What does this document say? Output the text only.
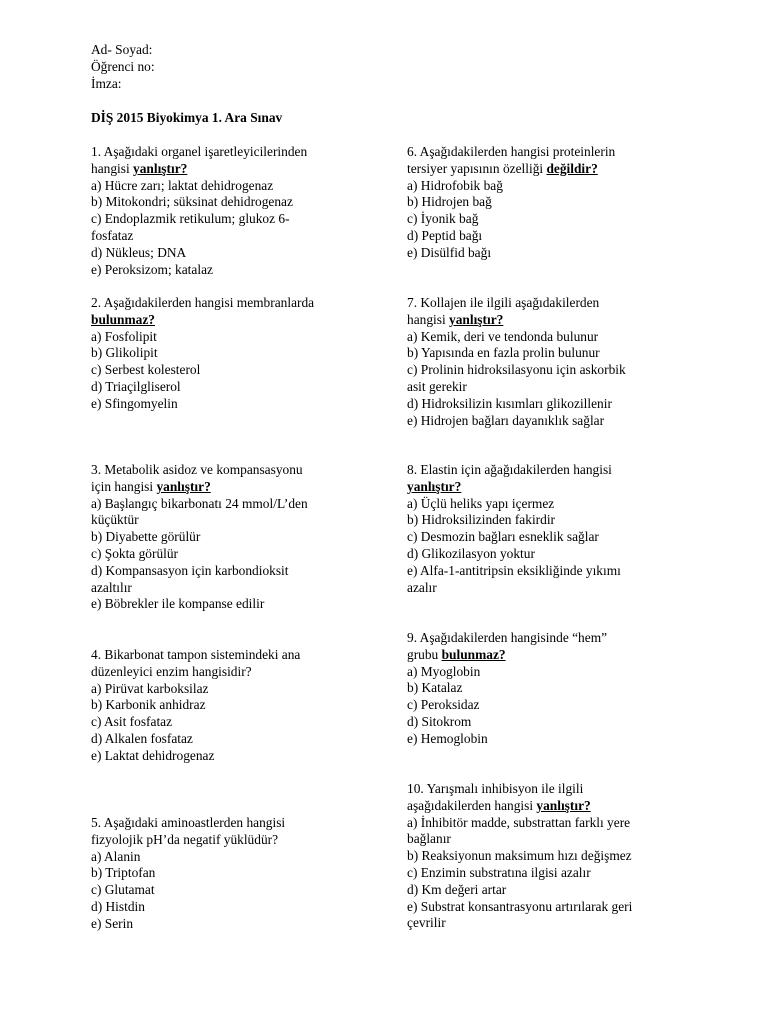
Ad- Soyad:
Öğrenci no:
İmza:
DİŞ 2015 Biyokimya 1. Ara Sınav
1. Aşağıdaki organel işaretleyicilerinden
hangisi yanlıştır?
a) Hücre zarı; laktat dehidrogenaz
b) Mitokondri; süksinat dehidrogenaz
c) Endoplazmik retikulum; glukoz 6-
fosfataz
d) Nükleus; DNA
e) Peroksizom; katalaz
2. Aşağıdakilerden hangisi membranlarda
bulunmaz?
a) Fosfolipit
b) Glikolipit
c) Serbest kolesterol
d) Triaçilgliserol
e) Sfingomyelin
3. Metabolik asidoz ve kompansasyonu
için hangisi yanlıştır?
a) Başlangıç bikarbonatı 24 mmol/L’den
küçüktür
b) Diyabette görülür
c) Şokta görülür
d) Kompansasyon için karbondioksit
azaltılır
e) Böbrekler ile kompanse edilir
4. Bikarbonat tampon sistemindeki ana
düzenleyici enzim hangisidir?
a) Pirüvat karboksilaz
b) Karbonik anhidraz
c) Asit fosfataz
d) Alkalen fosfataz
e) Laktat dehidrogenaz
5. Aşağıdaki aminoastlerden hangisi
fizyolojik pH’da negatif yüklüdür?
a) Alanin
b) Triptofan
c) Glutamat
d) Histdin
e) Serin
6. Aşağıdakilerden hangisi proteinlerin
tersiyer yapısının özelliği değildir?
a) Hidrofobik bağ
b) Hidrojen bağ
c) İyonik bağ
d) Peptid bağı
e) Disülfid bağı
7. Kollajen ile ilgili aşağıdakilerden
hangisi yanlıştır?
a) Kemik, deri ve tendonda bulunur
b) Yapısında en fazla prolin bulunur
c) Prolinin hidroksilasyonu için askorbik
asit gerekir
d) Hidroksilizin kısımları glikozillenir
e) Hidrojen bağları dayanıklık sağlar
8. Elastin için ağağıdakilerden hangisi
yanlıştır?
a) Üçlü heliks yapı içermez
b) Hidroksilizinden fakirdir
c) Desmozin bağları esneklik sağlar
d) Glikozilasyon yoktur
e) Alfa-1-antitripsin eksikliğinde yıkımı
azalır
9. Aşağıdakilerden hangisinde “hem”
grubu bulunmaz?
a) Myoglobin
b) Katalaz
c) Peroksidaz
d) Sitokrom
e) Hemoglobin
10. Yarışmalı inhibisyon ile ilgili
aşağıdakilerden hangisi yanlıştır?
a) İnhibitör madde, substrattan farklı yere
bağlanır
b) Reaksiyonun maksimum hızı değişmez
c) Enzimin substratına ilgisi azalır
d) Km değeri artar
e) Substrat konsantrasyonu artırılarak geri
çevrilir
